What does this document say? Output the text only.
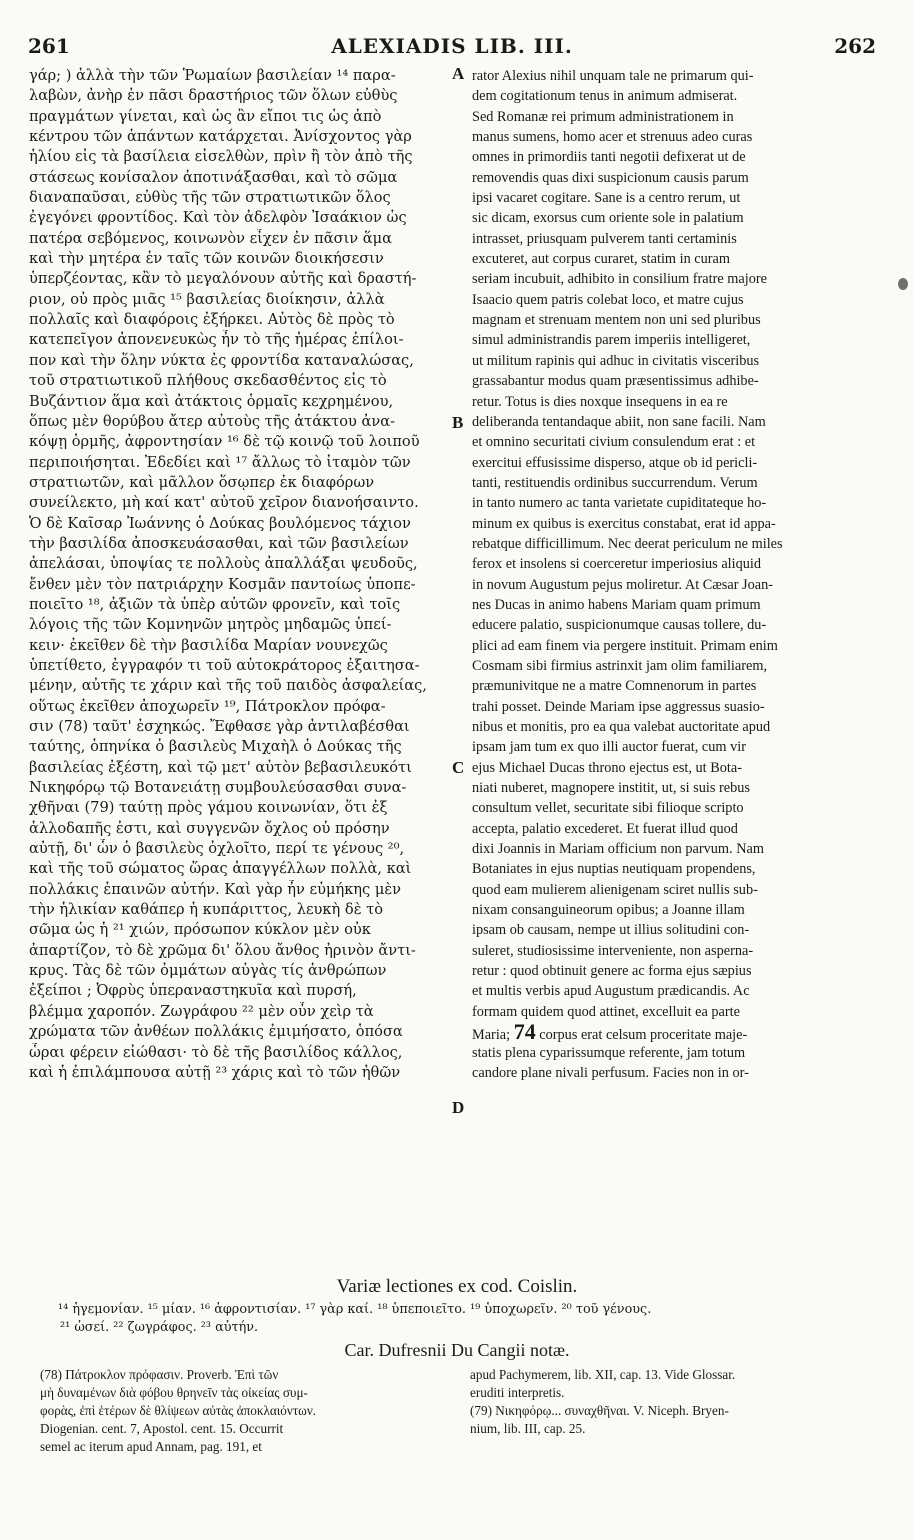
261	ALEXIADIS LIB. III.	262
γάρ; ) ἀλλὰ τὴν τῶν Ῥωμαίων βασιλείαν ¹⁴ παρα-
λαβὼν, ἀνὴρ ἐν πᾶσι δραστήριος τῶν ὅλων εὐθὺς
πραγμάτων γίνεται, καὶ ὡς ἂν εἴποι τις ὡς ἀπὸ
κέντρου τῶν ἁπάντων κατάρχεται. Ἀνίσχοντος γὰρ
ἡλίου εἰς τὰ βασίλεια εἰσελθὼν, πρὶν ἢ τὸν ἀπὸ τῆς
στάσεως κονίσαλον ἀποτινάξασθαι, καὶ τὸ σῶμα
διαναπαῦσαι, εὐθὺς τῆς τῶν στρατιωτικῶν ὅλος
ἐγεγόνει φροντίδος. Καὶ τὸν ἀδελφὸν Ἰσαάκιον ὡς
πατέρα σεβόμενος, κοινωνὸν εἶχεν ἐν πᾶσιν ἅμα
καὶ τὴν μητέρα ἐν ταῖς τῶν κοινῶν διοικήσεσιν
ὑπερζέοντας, κἂν τὸ μεγαλόνουν αὐτῆς καὶ δραστή-
ριον, οὐ πρὸς μιᾶς ¹⁵ βασιλείας διοίκησιν, ἀλλὰ
πολλαῖς καὶ διαφόροις ἐξήρκει. Αὐτὸς δὲ πρὸς τὸ
κατεπεῖγον ἀπονενευκὼς ἦν τὸ τῆς ἡμέρας ἐπίλοι-
πον καὶ τὴν ὅλην νύκτα ἐς φροντίδα καταναλώσας,
τοῦ στρατιωτικοῦ πλήθους σκεδασθέντος εἰς τὸ
Βυζάντιον ἅμα καὶ ἀτάκτοις ὁρμαῖς κεχρημένου,
ὅπως μὲν θορύβου ἄτερ αὐτοὺς τῆς ἀτάκτου ἀνα-
κόψῃ ὁρμῆς, ἀφροντησίαν ¹⁶ δὲ τῷ κοινῷ τοῦ λοιποῦ
περιποιήσηται. Ἐδεδίει καὶ ¹⁷ ἄλλως τὸ ἰταμὸν τῶν
στρατιωτῶν, καὶ μᾶλλον ὅσῳπερ ἐκ διαφόρων
συνείλεκτο, μὴ καί κατ' αὐτοῦ χεῖρον διανοήσαιντο.
Ὁ δὲ Καῖσαρ Ἰωάννης ὁ Δούκας βουλόμενος τάχιον
τὴν βασιλίδα ἀποσκευάσασθαι, καὶ τῶν βασιλείων
ἀπελάσαι, ὑποψίας τε πολλοὺς ἀπαλλάξαι ψευδοῦς,
ἔνθεν μὲν τὸν πατριάρχην Κοσμᾶν παντοίως ὑποπε-
ποιεῖτο ¹⁸, ἀξιῶν τὰ ὑπὲρ αὐτῶν φρονεῖν, καὶ τοῖς
λόγοις τῆς τῶν Κομνηνῶν μητρὸς μηδαμῶς ὑπεί-
κειν· ἐκεῖθεν δὲ τὴν βασιλίδα Μαρίαν νουνεχῶς
ὑπετίθετο, ἐγγραφόν τι τοῦ αὐτοκράτορος ἐξαιτησα-
μένην, αὐτῆς τε χάριν καὶ τῆς τοῦ παιδὸς ἀσφαλείας,
οὕτως ἐκεῖθεν ἀποχωρεῖν ¹⁹, Πάτροκλον πρόφα-
σιν (78) ταῦτ' ἐσχηκώς. Ἔφθασε γὰρ ἀντιλαβέσθαι
ταύτης, ὁπηνίκα ὁ βασιλεὺς Μιχαὴλ ὁ Δούκας τῆς
βασιλείας ἐξέστη, καὶ τῷ μετ' αὐτὸν βεβασιλευκότι
Νικηφόρῳ τῷ Βοτανειάτῃ συμβουλεύσασθαι συνα-
χθῆναι (79) ταύτῃ πρὸς γάμου κοινωνίαν, ὅτι ἐξ
ἀλλοδαπῆς ἐστι, καὶ συγγενῶν ὄχλος οὐ πρόσην
αὐτῇ, δι' ὧν ὁ βασιλεὺς ὀχλοῖτο, περί τε γένους ²⁰,
καὶ τῆς τοῦ σώματος ὥρας ἀπαγγέλλων πολλὰ, καὶ
πολλάκις ἐπαινῶν αὐτήν. Καὶ γὰρ ἦν εὐμήκης μὲν
τὴν ἡλικίαν καθάπερ ἡ κυπάριττος, λευκὴ δὲ τὸ
σῶμα ὡς ἡ ²¹ χιών, πρόσωπον κύκλον μὲν οὐκ
ἀπαρτίζον, τὸ δὲ χρῶμα δι' ὅλου ἄνθος ἠρινὸν ἄντι-
κρυς. Τὰς δὲ τῶν ὀμμάτων αὐγὰς τίς ἀνθρώπων
ἐξείποι ; Ὀφρὺς ὑπεραναστηκυῖα καὶ πυρσή,
βλέμμα χαροπόν. Ζωγράφου ²² μὲν οὖν χεὶρ τὰ
χρώματα τῶν ἀνθέων πολλάκις ἐμιμήσατο, ὁπόσα
ὧραι φέρειν εἰώθασι· τὸ δὲ τῆς βασιλίδος κάλλος,
καὶ ἡ ἐπιλάμπουσα αὐτῇ ²³ χάρις καὶ τὸ τῶν ἠθῶν
rator Alexius nihil unquam tale ne primarum qui-
dem cogitationum tenus in animum admiserat.
Sed Romanæ rei primum administrationem in
manus sumens, homo acer et strenuus adeo curas
omnes in primordiis tanti negotii defixerat ut de
removendis quas dixi suspicionum causis parum
ipsi vacaret cogitare. Sane is a centro rerum, ut
sic dicam, exorsus cum oriente sole in palatium
intrasset, priusquam pulverem tanti certaminis
excuteret, aut corpus curaret, statim in curam
seriam incubuit, adhibito in consilium fratre majore
Isaacio quem patris colebat loco, et matre cujus
magnam et strenuam mentem non uni sed pluribus
simul administrandis parem imperiis intelligeret,
ut militum rapinis qui adhuc in civitatis visceribus
grassabantur modus quam præsentissimus adhibe-
retur. Totus is dies noxque insequens in ea re
deliberanda tentandaque abiit, non sane facili. Nam
et omnino securitati civium consulendum erat : et
exercitui effusissime disperso, atque ob id pericli-
tanti, restituendis ordinibus succurrendum. Verum
in tanto numero ac tanta varietate cupiditateque ho-
minum ex quibus is exercitus constabat, erat id appa-
rebatque difficillimum. Nec deerat periculum ne miles
ferox et insolens si coerceretur imperiosius aliquid
in novum Augustum pejus moliretur. At Cæsar Joan-
nes Ducas in animo habens Mariam quam primum
educere palatio, suspicionumque causas tollere, du-
plici ad eam finem via pergere instituit. Primam enim
Cosmam sibi firmius astrinxit jam olim familiarem,
præmunivitque ne a matre Comnenorum in partes
trahi posset. Deinde Mariam ipse aggressus suasio-
nibus et monitis, pro ea qua valebat auctoritate apud
ipsam jam tum ex quo illi auctor fuerat, cum vir
ejus Michael Ducas throno ejectus est, ut Bota-
niati nuberet, magnopere institit, ut, si suis rebus
consultum vellet, securitate sibi filioque scripto
accepta, palatio excederet. Et fuerat illud quod
dixi Joannis in Mariam officium non parvum. Nam
Botaniates in ejus nuptias neutiquam propendens,
quod eam mulierem alienigenam sciret nullis sub-
nixam consanguineorum opibus; a Joanne illam
ipsam ob causam, nempe ut illius solitudini con-
suleret, studiosissime interveniente, non asperna-
retur : quod obtinuit genere ac forma ejus sæpius
et multis verbis apud Augustum prædicandis. Ac
formam quidem quod attinet, excelluit ea parte
Maria; 74 corpus erat celsum proceritate maje-
statis plena cyparissumque referente, jam totum
candore plane nivali perfusum. Facies non in or-
A
B
C
D
Variæ lectiones ex cod. Coislin.
¹⁴ ἡγεμονίαν. ¹⁵ μίαν. ¹⁶ ἀφροντισίαν. ¹⁷ γὰρ καί. ¹⁸ ὑπεποιεῖτο. ¹⁹ ὑποχωρεῖν. ²⁰ τοῦ γένους.
²¹ ὡσεί. ²² ζωγράφος. ²³ αὐτήν.
Car. Dufresnii Du Cangii notæ.
(78) Πάτροκλον πρόφασιν. Proverb. Ἐπὶ τῶν
μὴ δυναμένων διὰ φόβου θρηνεῖν τὰς οἰκείας συμ-
φορὰς, ἐπὶ ἑτέρων δὲ θλίψεων αὐτὰς ἀποκλαιόντων.
Diogenian. cent. 7, Apostol. cent. 15. Occurrit
semel ac iterum apud Annam, pag. 191, et
apud Pachymerem, lib. XII, cap. 13. Vide Glossar.
eruditi interpretis.
(79) Νικηφόρῳ... συναχθῆναι. V. Niceph. Bryen-
nium, lib. III, cap. 25.
